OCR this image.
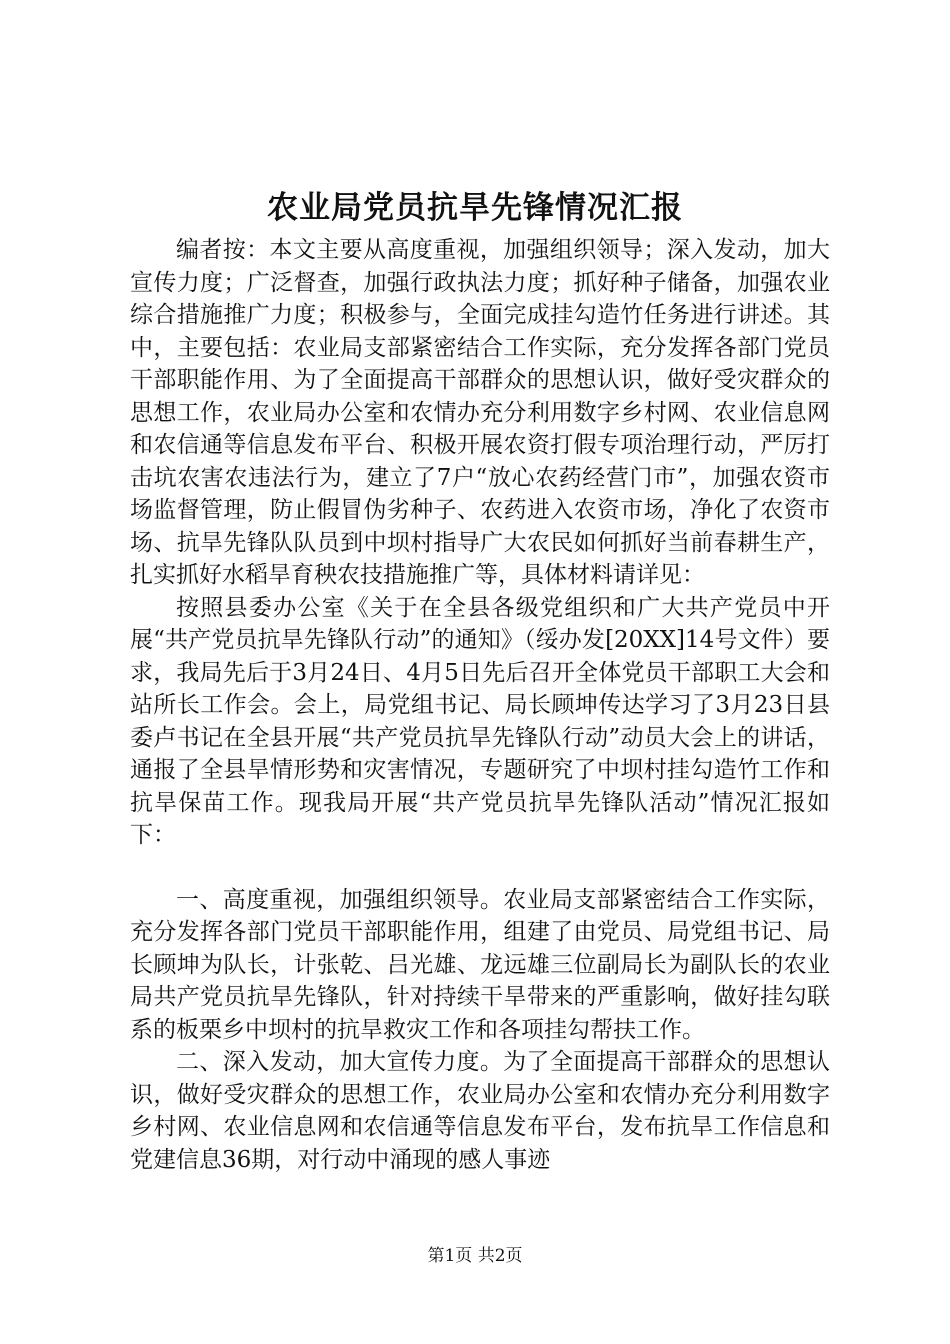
农业局党员抗旱先锋情况汇报

编者按：本文主要从高度重视，加强组织领导；深入发动，加大宣传力度；广泛督查，加强行政执法力度；抓好种子储备，加强农业综合措施推广力度；积极参与，全面完成挂勾造竹任务进行讲述。其中，主要包括：农业局支部紧密结合工作实际，充分发挥各部门党员干部职能作用、为了全面提高干部群众的思想认识，做好受灾群众的思想工作，农业局办公室和农情办充分利用数字乡村网、农业信息网和农信通等信息发布平台、积极开展农资打假专项治理行动，严厉打击坑农害农违法行为，建立了7户“放心农药经营门市”，加强农资市场监督管理，防止假冒伪劣种子、农药进入农资市场，净化了农资市场、抗旱先锋队队员到中坝村指导广大农民如何抓好当前春耕生产，扎实抓好水稻旱育秧农技措施推广等，具体材料请详见：

按照县委办公室《关于在全县各级党组织和广大共产党员中开展“共产党员抗旱先锋队行动”的通知》（绥办发[20XX]14号文件）要求，我局先后于3月24日、4月5日先后召开全体党员干部职工大会和站所长工作会。会上，局党组书记、局长顾坤传达学习了3月23日县委卢书记在全县开展“共产党员抗旱先锋队行动”动员大会上的讲话，通报了全县旱情形势和灾害情况，专题研究了中坝村挂勾造竹工作和抗旱保苗工作。现我局开展“共产党员抗旱先锋队活动”情况汇报如下：

一、高度重视，加强组织领导。农业局支部紧密结合工作实际，充分发挥各部门党员干部职能作用，组建了由党员、局党组书记、局长顾坤为队长，计张乾、吕光雄、龙远雄三位副局长为副队长的农业局共产党员抗旱先锋队，针对持续干旱带来的严重影响，做好挂勾联系的板栗乡中坝村的抗旱救灾工作和各项挂勾帮扶工作。

二、深入发动，加大宣传力度。为了全面提高干部群众的思想认识，做好受灾群众的思想工作，农业局办公室和农情办充分利用数字乡村网、农业信息网和农信通等信息发布平台，发布抗旱工作信息和党建信息36期，对行动中涌现的感人事迹

第1页 共2页
